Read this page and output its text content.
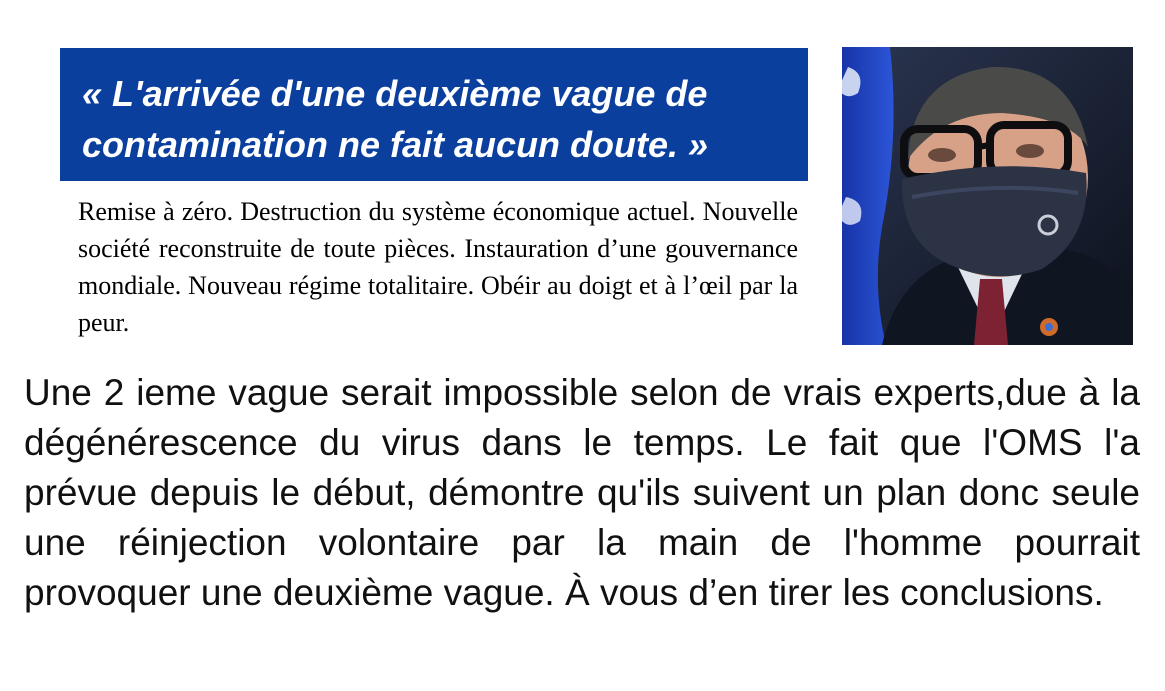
« L'arrivée d'une deuxième vague de
contamination ne fait aucun doute. »
Remise à zéro. Destruction du système économique actuel. Nouvelle société reconstruite de toute pièces. Instauration d’une gouvernance mondiale. Nouveau régime totalitaire. Obéir au doigt et à l’œil par la peur.
Une 2 ieme vague serait impossible selon de vrais experts,due à la dégénérescence du virus dans le temps. Le fait que l'OMS l'a prévue depuis le début, démontre qu'ils suivent un plan donc seule une réinjection volontaire par la main de l'homme pourrait provoquer une deuxième vague. À vous d’en tirer les conclusions.
